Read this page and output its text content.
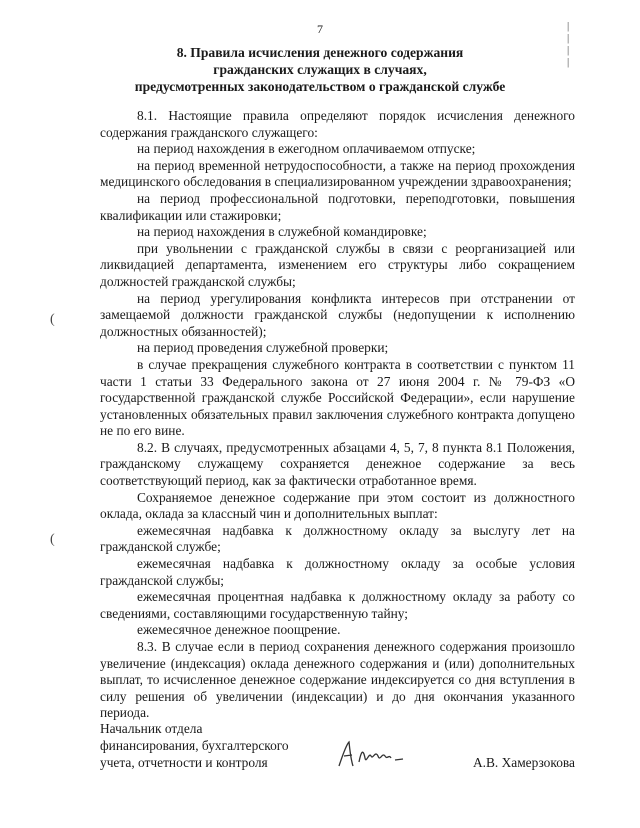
7
8. Правила исчисления денежного содержания
гражданских служащих в случаях,
предусмотренных законодательством о гражданской службе

8.1. Настоящие правила определяют порядок исчисления денежного содержания гражданского служащего:

на период нахождения в ежегодном оплачиваемом отпуске;

на период временной нетрудоспособности, а также на период прохождения медицинского обследования в специализированном учреждении здравоохранения;

на период профессиональной подготовки, переподготовки, повышения квалификации или стажировки;

на период нахождения в служебной командировке;

при увольнении с гражданской службы в связи с реорганизацией или ликвидацией департамента, изменением его структуры либо сокращением должностей гражданской службы;

на период урегулирования конфликта интересов при отстранении от замещаемой должности гражданской службы (недопущении к исполнению должностных обязанностей);

на период проведения служебной проверки;

в случае прекращения служебного контракта в соответствии с пунктом 11 части 1 статьи 33 Федерального закона от 27 июня 2004 г. № 79-ФЗ «О государственной гражданской службе Российской Федерации», если нарушение установленных обязательных правил заключения служебного контракта допущено не по его вине.

8.2. В случаях, предусмотренных абзацами 4, 5, 7, 8 пункта 8.1 Положения, гражданскому служащему сохраняется денежное содержание за весь соответствующий период, как за фактически отработанное время.

Сохраняемое денежное содержание при этом состоит из должностного оклада, оклада за классный чин и дополнительных выплат:

ежемесячная надбавка к должностному окладу за выслугу лет на гражданской службе;

ежемесячная надбавка к должностному окладу за особые условия гражданской службы;

ежемесячная процентная надбавка к должностному окладу за работу со сведениями, составляющими государственную тайну;

ежемесячное денежное поощрение.

8.3. В случае если в период сохранения денежного содержания произошло увеличение (индексация) оклада денежного содержания и (или) дополнительных выплат, то исчисленное денежное содержание индексируется со дня вступления в силу решения об увеличении (индексации) и до дня окончания указанного периода.

Начальник отдела
финансирования, бухгалтерского
учета, отчетности и контроля	А.В. Хамерзокова
(
(
|
|
|
|
